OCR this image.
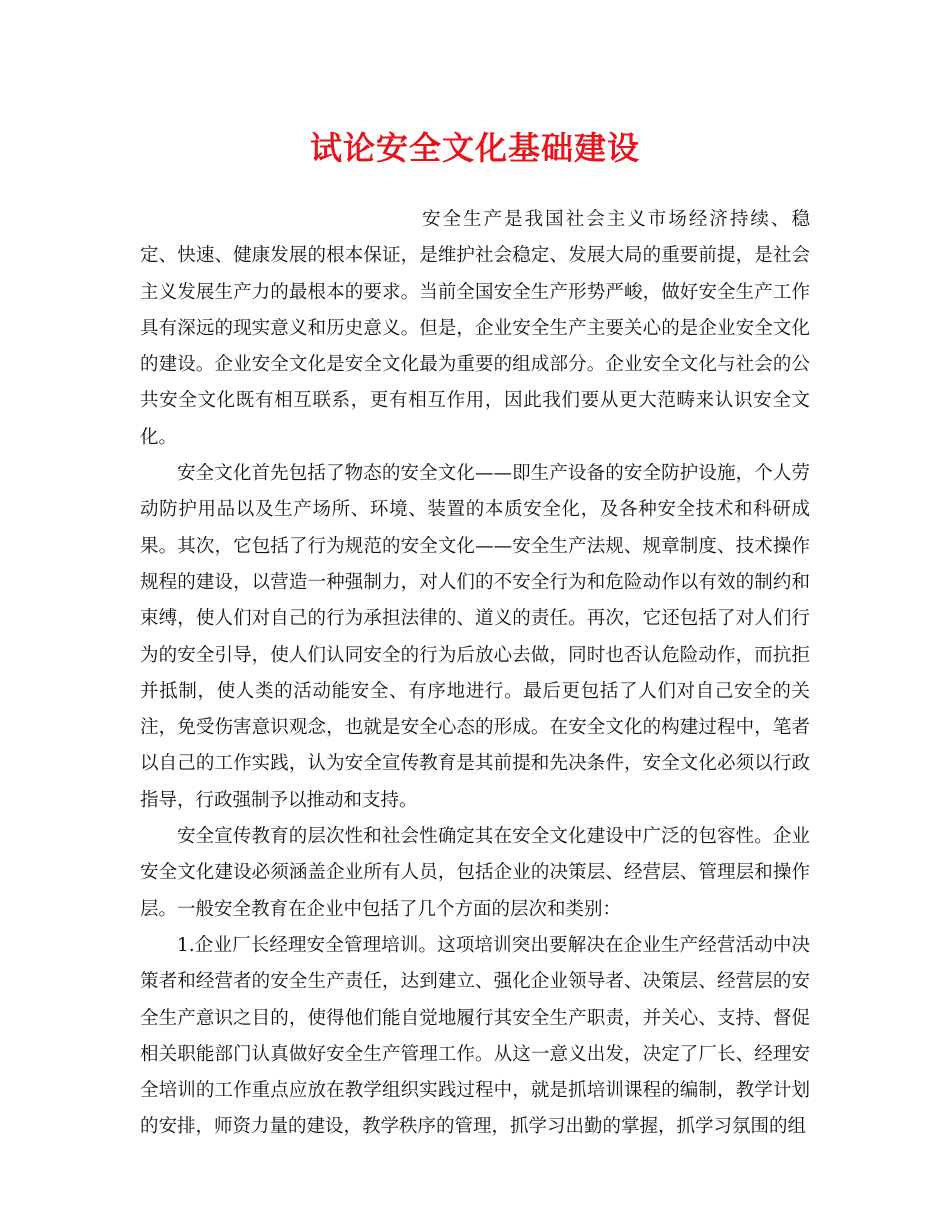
试论安全文化基础建设

安全生产是我国社会主义市场经济持续、稳定、快速、健康发展的根本保证，是维护社会稳定、发展大局的重要前提，是社会主义发展生产力的最根本的要求。当前全国安全生产形势严峻，做好安全生产工作具有深远的现实意义和历史意义。但是，企业安全生产主要关心的是企业安全文化的建设。企业安全文化是安全文化最为重要的组成部分。企业安全文化与社会的公共安全文化既有相互联系，更有相互作用，因此我们要从更大范畴来认识安全文化。

安全文化首先包括了物态的安全文化——即生产设备的安全防护设施，个人劳动防护用品以及生产场所、环境、装置的本质安全化，及各种安全技术和科研成果。其次，它包括了行为规范的安全文化——安全生产法规、规章制度、技术操作规程的建设，以营造一种强制力，对人们的不安全行为和危险动作以有效的制约和束缚，使人们对自己的行为承担法律的、道义的责任。再次，它还包括了对人们行为的安全引导，使人们认同安全的行为后放心去做，同时也否认危险动作，而抗拒并抵制，使人类的活动能安全、有序地进行。最后更包括了人们对自己安全的关注，免受伤害意识观念，也就是安全心态的形成。在安全文化的构建过程中，笔者以自己的工作实践，认为安全宣传教育是其前提和先决条件，安全文化必须以行政指导，行政强制予以推动和支持。

安全宣传教育的层次性和社会性确定其在安全文化建设中广泛的包容性。企业安全文化建设必须涵盖企业所有人员，包括企业的决策层、经营层、管理层和操作层。一般安全教育在企业中包括了几个方面的层次和类别：

1.企业厂长经理安全管理培训。这项培训突出要解决在企业生产经营活动中决策者和经营者的安全生产责任，达到建立、强化企业领导者、决策层、经营层的安全生产意识之目的，使得他们能自觉地履行其安全生产职责，并关心、支持、督促相关职能部门认真做好安全生产管理工作。从这一意义出发，决定了厂长、经理安全培训的工作重点应放在教学组织实践过程中，就是抓培训课程的编制，教学计划的安排，师资力量的建设，教学秩序的管理，抓学习出勤的掌握，抓学习氛围的组
